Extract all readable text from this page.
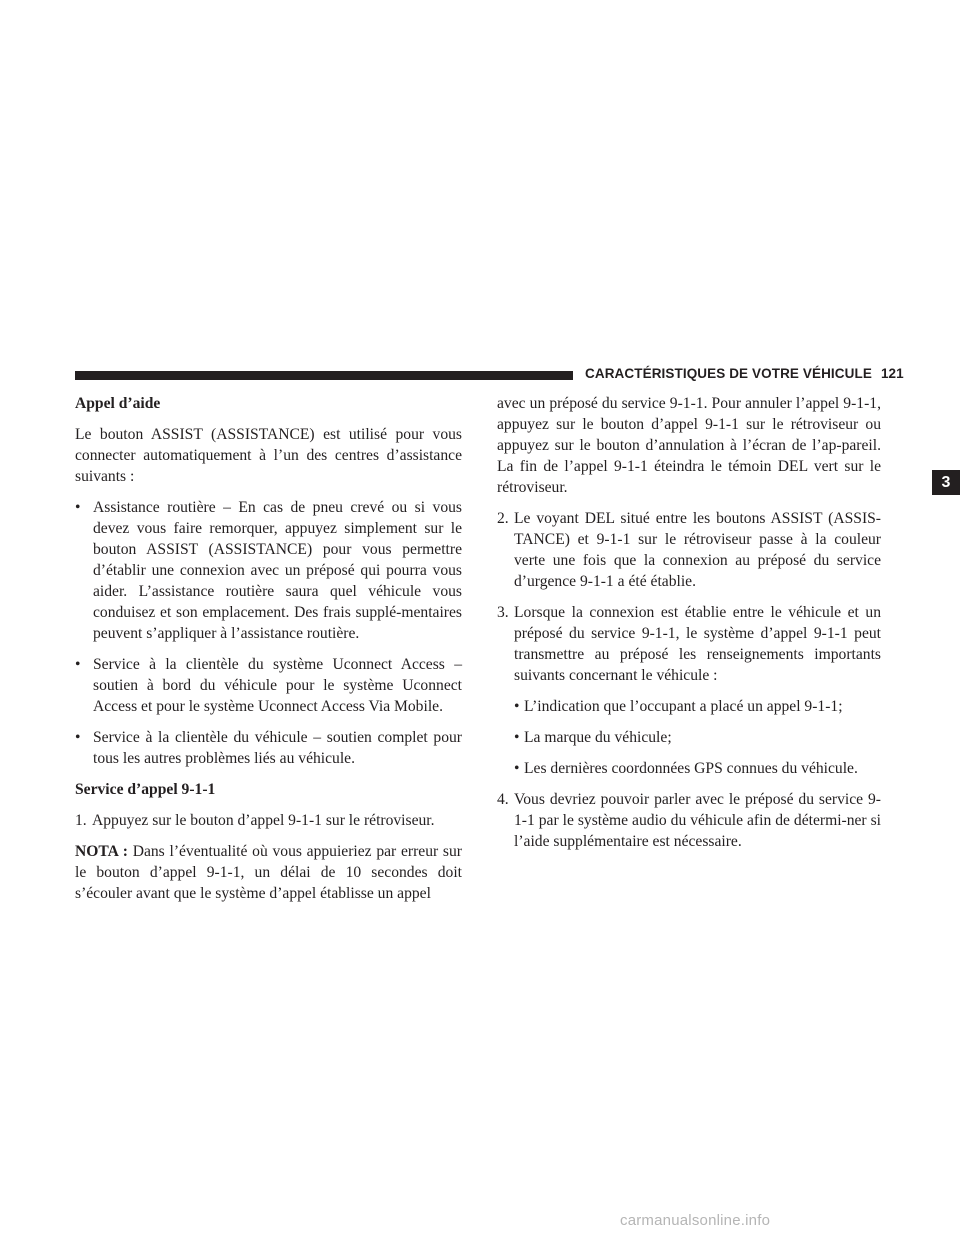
CARACTÉRISTIQUES DE VOTRE VÉHICULE 121
3
Appel d’aide

Le bouton ASSIST (ASSISTANCE) est utilisé pour vous connecter automatiquement à l’un des centres d’assistance suivants :

• Assistance routière – En cas de pneu crevé ou si vous devez vous faire remorquer, appuyez simplement sur le bouton ASSIST (ASSISTANCE) pour vous permettre d’établir une connexion avec un préposé qui pourra vous aider. L’assistance routière saura quel véhicule vous conduisez et son emplacement. Des frais supplé-mentaires peuvent s’appliquer à l’assistance routière.
• Service à la clientèle du système Uconnect Access – soutien à bord du véhicule pour le système Uconnect Access et pour le système Uconnect Access Via Mobile.
• Service à la clientèle du véhicule – soutien complet pour tous les autres problèmes liés au véhicule.
Service d’appel 9-1-1
1. Appuyez sur le bouton d’appel 9-1-1 sur le rétroviseur.

NOTA : Dans l’éventualité où vous appuieriez par erreur sur le bouton d’appel 9-1-1, un délai de 10 secondes doit s’écouler avant que le système d’appel établisse un appel

avec un préposé du service 9-1-1. Pour annuler l’appel 9-1-1, appuyez sur le bouton d’appel 9-1-1 sur le rétroviseur ou appuyez sur le bouton d’annulation à l’écran de l’ap-pareil. La fin de l’appel 9-1-1 éteindra le témoin DEL vert sur le rétroviseur.
2. Le voyant DEL situé entre les boutons ASSIST (ASSIS-TANCE) et 9-1-1 sur le rétroviseur passe à la couleur verte une fois que la connexion au préposé du service d’urgence 9-1-1 a été établie.
3. Lorsque la connexion est établie entre le véhicule et un préposé du service 9-1-1, le système d’appel 9-1-1 peut transmettre au préposé les renseignements importants suivants concernant le véhicule :
• L’indication que l’occupant a placé un appel 9-1-1;
• La marque du véhicule;
• Les dernières coordonnées GPS connues du véhicule.
4. Vous devriez pouvoir parler avec le préposé du service 9-1-1 par le système audio du véhicule afin de détermi-ner si l’aide supplémentaire est nécessaire.
carmanualsonline.info
